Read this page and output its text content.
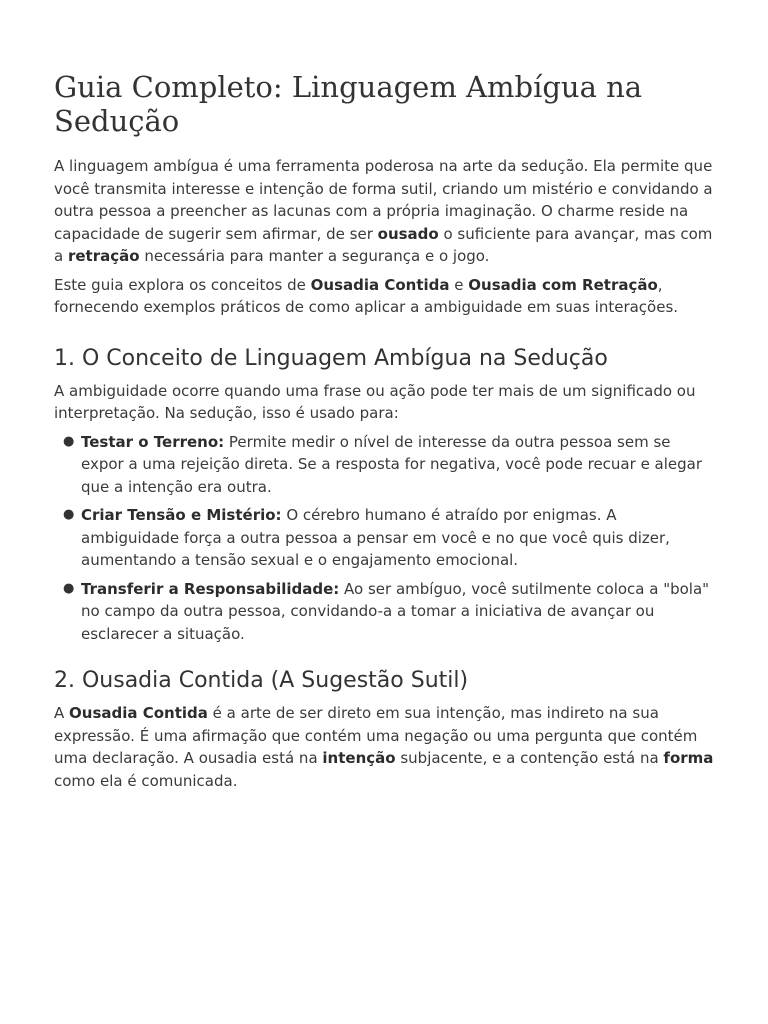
Guia Completo: Linguagem Ambígua na Sedução

A linguagem ambígua é uma ferramenta poderosa na arte da sedução. Ela permite que você transmita interesse e intenção de forma sutil, criando um mistério e convidando a outra pessoa a preencher as lacunas com a própria imaginação. O charme reside na capacidade de sugerir sem afirmar, de ser ousado o suficiente para avançar, mas com a retração necessária para manter a segurança e o jogo.

Este guia explora os conceitos de Ousadia Contida e Ousadia com Retração, fornecendo exemplos práticos de como aplicar a ambiguidade em suas interações.

1. O Conceito de Linguagem Ambígua na Sedução

A ambiguidade ocorre quando uma frase ou ação pode ter mais de um significado ou interpretação. Na sedução, isso é usado para:

● Testar o Terreno: Permite medir o nível de interesse da outra pessoa sem se expor a uma rejeição direta. Se a resposta for negativa, você pode recuar e alegar que a intenção era outra.
● Criar Tensão e Mistério: O cérebro humano é atraído por enigmas. A ambiguidade força a outra pessoa a pensar em você e no que você quis dizer, aumentando a tensão sexual e o engajamento emocional.
● Transferir a Responsabilidade: Ao ser ambíguo, você sutilmente coloca a "bola" no campo da outra pessoa, convidando-a a tomar a iniciativa de avançar ou esclarecer a situação.
2. Ousadia Contida (A Sugestão Sutil)

A Ousadia Contida é a arte de ser direto em sua intenção, mas indireto na sua expressão. É uma afirmação que contém uma negação ou uma pergunta que contém uma declaração. A ousadia está na intenção subjacente, e a contenção está na forma como ela é comunicada.
